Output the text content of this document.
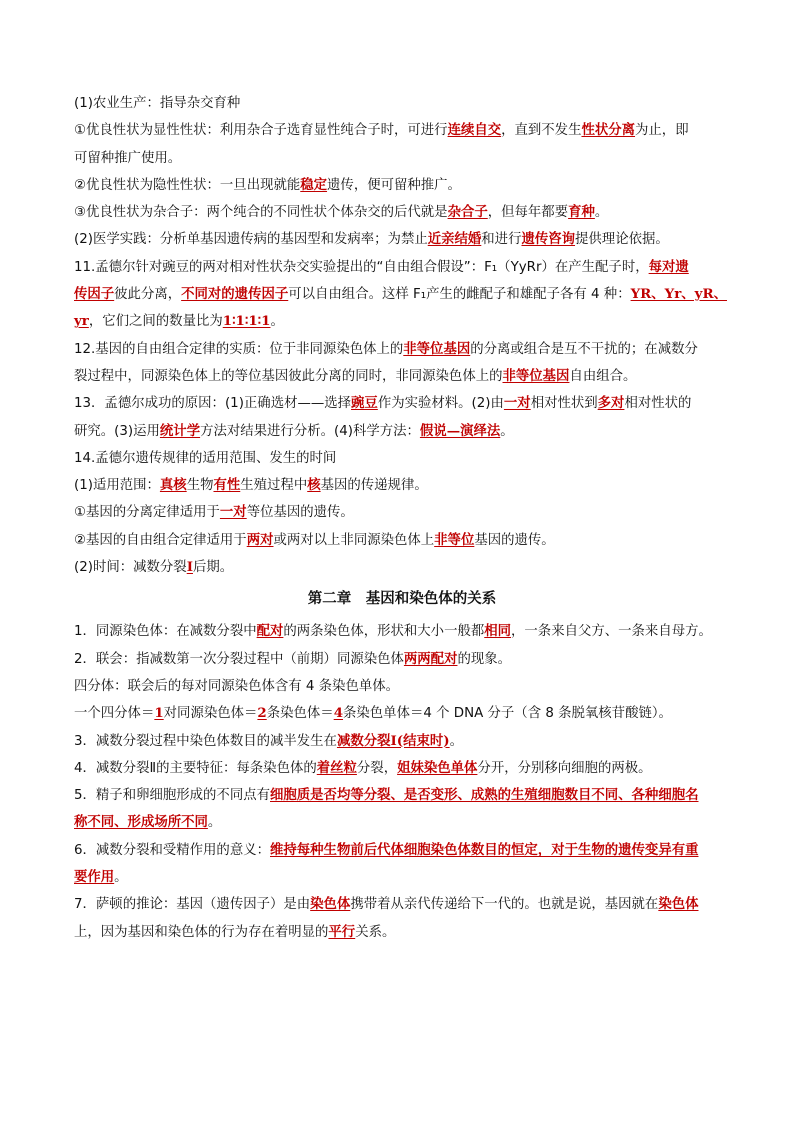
(1)农业生产：指导杂交育种

①优良性状为显性性状：利用杂合子选育显性纯合子时，可进行连续自交，直到不发生性状分离为止，即

可留种推广使用。

②优良性状为隐性性状：一旦出现就能稳定遗传，便可留种推广。

③优良性状为杂合子：两个纯合的不同性状个体杂交的后代就是杂合子，但每年都要育种。

(2)医学实践：分析单基因遗传病的基因型和发病率；为禁止近亲结婚和进行遗传咨询提供理论依据。

11.孟德尔针对豌豆的两对相对性状杂交实验提出的“自由组合假设”：F₁（YyRr）在产生配子时，每对遗

传因子彼此分离，不同对的遗传因子可以自由组合。这样 F₁产生的雌配子和雄配子各有 4 种：YR、Yr、yR、

yr，它们之间的数量比为1∶1∶1∶1。

12.基因的自由组合定律的实质：位于非同源染色体上的非等位基因的分离或组合是互不干扰的；在减数分

裂过程中，同源染色体上的等位基因彼此分离的同时，非同源染色体上的非等位基因自由组合。

13．孟德尔成功的原因：(1)正确选材——选择豌豆作为实验材料。(2)由一对相对性状到多对相对性状的

研究。(3)运用统计学方法对结果进行分析。(4)科学方法：假说—演绎法。

14.孟德尔遗传规律的适用范围、发生的时间

(1)适用范围：真核生物有性生殖过程中核基因的传递规律。

①基因的分离定律适用于一对等位基因的遗传。

②基因的自由组合定律适用于两对或两对以上非同源染色体上非等位基因的遗传。

(2)时间：减数分裂Ⅰ后期。

第二章　基因和染色体的关系

1．同源染色体：在减数分裂中配对的两条染色体，形状和大小一般都相同，一条来自父方、一条来自母方。

2．联会：指减数第一次分裂过程中（前期）同源染色体两两配对的现象。

四分体：联会后的每对同源染色体含有 4 条染色单体。

一个四分体＝1对同源染色体＝2条染色体＝4条染色单体＝4 个 DNA 分子（含 8 条脱氧核苷酸链）。

3．减数分裂过程中染色体数目的减半发生在减数分裂Ⅰ(结束时)。

4．减数分裂Ⅱ的主要特征：每条染色体的着丝粒分裂，姐妹染色单体分开，分别移向细胞的两极。

5．精子和卵细胞形成的不同点有细胞质是否均等分裂、是否变形、成熟的生殖细胞数目不同、各种细胞名

称不同、形成场所不同。

6．减数分裂和受精作用的意义：维持每种生物前后代体细胞染色体数目的恒定，对于生物的遗传变异有重

要作用。

7．萨顿的推论：基因（遗传因子）是由染色体携带着从亲代传递给下一代的。也就是说，基因就在染色体

上，因为基因和染色体的行为存在着明显的平行关系。
